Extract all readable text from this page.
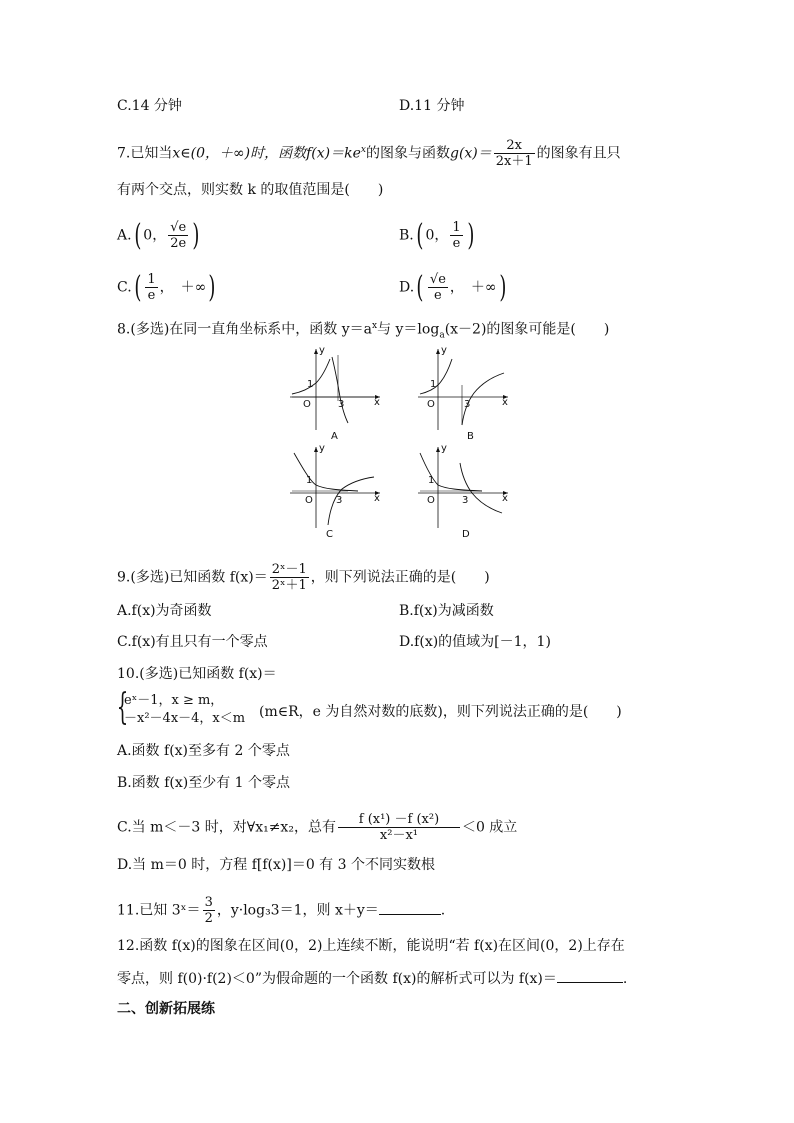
C.14 分钟	D.11 分钟
7.已知当x∈(0，＋∞)时，函数$f(x)=ke^x$的图象与函数$g(x)= \frac{2x}{2x+1}$ 的图象有且只
有两个交点，则实数 k 的取值范围是(　　)
A.( 0， $\frac{√e}{2e}$ )	B.( 0， $\frac{1}{e}$ )
$C.( \frac{1}{e}$ ，　＋∞)	$D.( \frac{√e}{e}$ ，　＋∞)
8.(多选)在同一直角坐标系中，函数 $y=a^x$与 $y=\log_a(x-2)$的图象可能是(　　)
y
x
O
1
3
A
y
x
O
1
3
B
y
x
O
1
3
C
y
x
O
1
3
D
9.(多选)已知函数 $f(x)= \frac{\text{2ˣ－1}}{\text{2ˣ＋1}}$ ，则下列说法正确的是(　　)
A.f(x)为奇函数	B.f(x)为减函数
C.f(x)有且只有一个零点	D.f(x)的值域为[－1，1)
10.(多选)已知函数 f(x)＝
{
eˣ－1，x ≥ m，
－x²－4x－4，x＜m (m∈R，e 为自然对数的底数)，则下列说法正确的是(　　)
A.函数 f(x)至多有 2 个零点
B.函数 f(x)至少有 1 个零点
C.当 m＜－3 时，对∀x₁≠x₂，总有 $\frac{\text{f (x¹) －f (x²)}}{\text{x²－x¹}} <0$ 成立
D.当 m＝0 时，方程 f[f(x)]＝0 有 3 个不同实数根
11.已知 3ˣ＝ $\frac{3}{2}$ ，y·log₃3＝1，则 x＋y＝	.
12.函数 f(x)的图象在区间(0，2)上连续不断，能说明“若 f(x)在区间(0，2)上存在
零点，则 f(0)·f(2)＜0”为假命题的一个函数 f(x)的解析式可以为 f(x)＝	.
二、创新拓展练
